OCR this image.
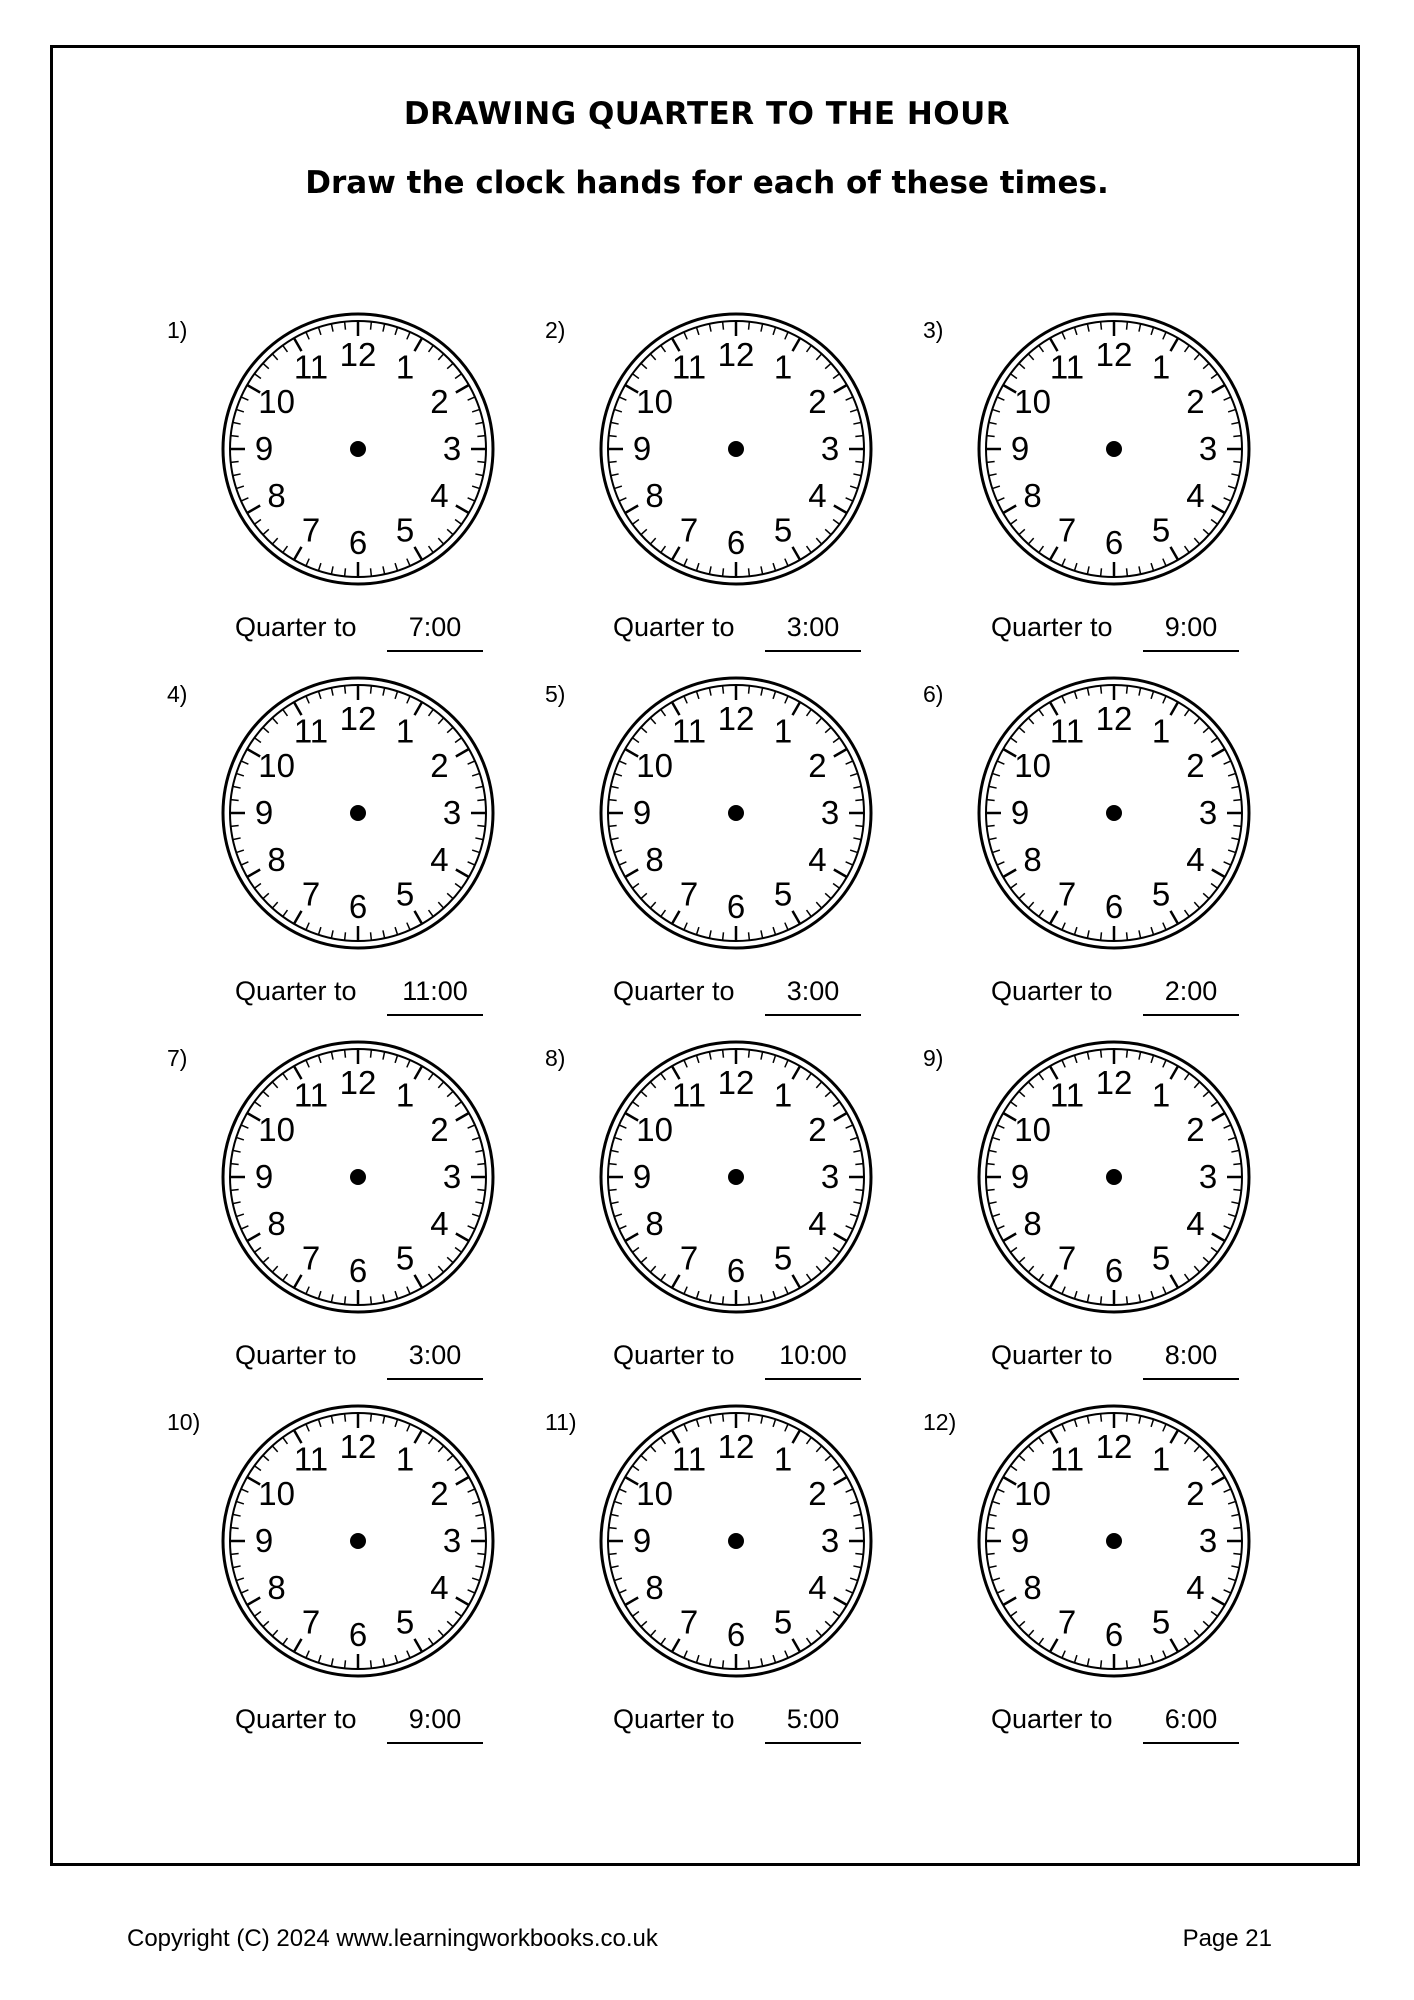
DRAWING QUARTER TO THE HOUR
Draw the clock hands for each of these times.
1)
12 1
2
3
4
5
6
7
8
9
10
11
Quarter to	7:00
2)
12 1
2
3
4
5
6
7
8
9
10
11
Quarter to	3:00
3)
12 1
2
3
4
5
6
7
8
9
10
11
Quarter to	9:00
4)
12 1
2
3
4
5
6
7
8
9
10
11
Quarter to	11:00
5)
12 1
2
3
4
5
6
7
8
9
10
11
Quarter to	3:00
6)
12 1
2
3
4
5
6
7
8
9
10
11
Quarter to	2:00
7)
12 1
2
3
4
5
6
7
8
9
10
11
Quarter to	3:00
8)
12 1
2
3
4
5
6
7
8
9
10
11
Quarter to	10:00
9)
12 1
2
3
4
5
6
7
8
9
10
11
Quarter to	8:00
10)
12 1
2
3
4
5
6
7
8
9
10
11
Quarter to	9:00
11)
12 1
2
3
4
5
6
7
8
9
10
11
Quarter to	5:00
12)
12 1
2
3
4
5
6
7
8
9
10
11
Quarter to	6:00
Copyright (C) 2024 www.learningworkbooks.co.uk	Page 21
